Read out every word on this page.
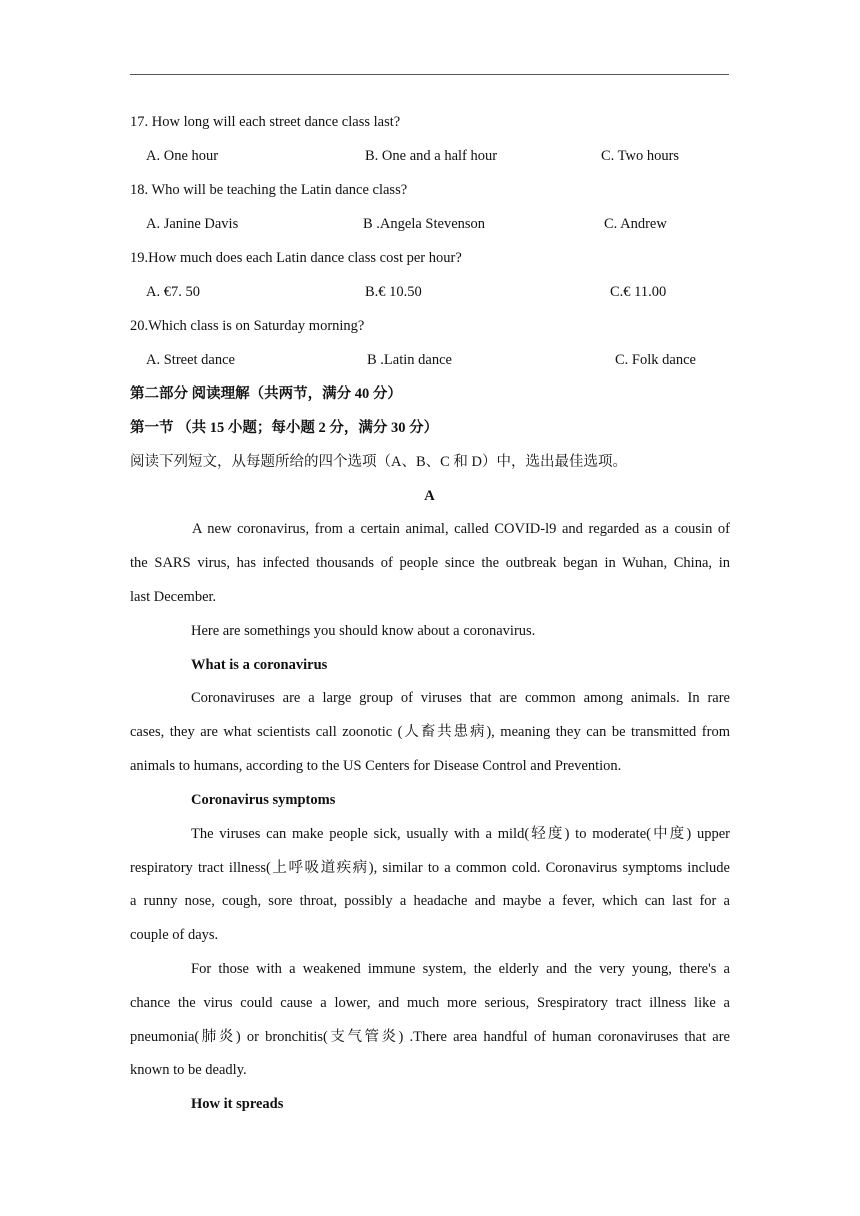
17. How long will each street dance class last?
A. One hour	B. One and a half hour	C. Two hours
18. Who will be teaching the Latin dance class?
A. Janine Davis	B .Angela Stevenson	C. Andrew
19.How much does each Latin dance class cost per hour?
A. €7. 50	B.€ 10.50	C.€ 11.00
20.Which class is on Saturday morning?
A. Street dance	B .Latin dance	C. Folk dance
第二部分 阅读理解（共两节，满分 40 分）
第一节 （共 15 小题；每小题 2 分，满分 30 分）
阅读下列短文，从每题所给的四个选项（A、B、C 和 D）中，选出最佳选项。
A
A new coronavirus, from a certain animal, called COVID-l9 and regarded as a cousin of
the SARS virus, has infected thousands of people since the outbreak began in Wuhan, China, in
last December.
Here are somethings you should know about a coronavirus.
What is a coronavirus
Coronaviruses are a large group of viruses that are common among animals. In rare
cases, they are what scientists call zoonotic (人畜共患病), meaning they can be transmitted from
animals to humans, according to the US Centers for Disease Control and Prevention.
Coronavirus symptoms
The viruses can make people sick, usually with a mild(轻度) to moderate(中度) upper
respiratory tract illness(上呼吸道疾病), similar to a common cold. Coronavirus symptoms include
a runny nose, cough, sore throat, possibly a headache and maybe a fever, which can last for a
couple of days.
For those with a weakened immune system, the elderly and the very young, there's a
chance the virus could cause a lower, and much more serious, Srespiratory tract illness like a
pneumonia(肺炎) or bronchitis(支气管炎) .There area handful of human coronaviruses that are
known to be deadly.
How it spreads
